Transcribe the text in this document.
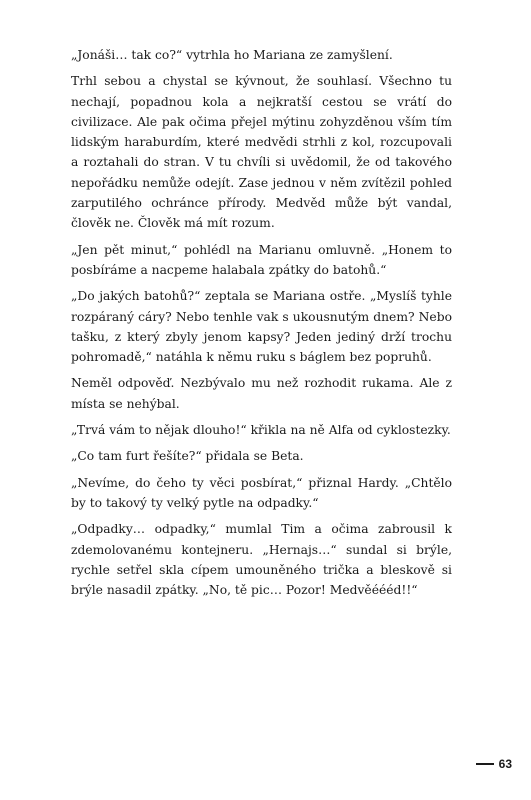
„Jonáši… tak co?“ vytrhla ho Mariana ze zamyšlení.

Trhl sebou a chystal se kývnout, že souhlasí. Všechno tu nechají, popadnou kola a nejkratší cestou se vrátí do civilizace. Ale pak očima přejel mýtinu zohyzděnou vším tím lidským haraburdím, které medvědi strhli z kol, rozcupovali a roztahali do stran. V tu chvíli si uvědomil, že od takového nepořádku nemůže odejít. Zase jednou v něm zvítězil pohled zarputilého ochránce přírody. Medvěd může být vandal, člověk ne. Člověk má mít rozum.

„Jen pět minut,“ pohlédl na Marianu omluvně. „Honem to posbíráme a nacpeme halabala zpátky do batohů.“

„Do jakých batohů?“ zeptala se Mariana ostře. „Myslíš tyhle rozpáraný cáry? Nebo tenhle vak s ukousnutým dnem? Nebo tašku, z který zbyly jenom kapsy? Jeden jediný drží trochu pohromadě,“ natáhla k němu ruku s báglem bez popruhů.

Neměl odpověď. Nezbývalo mu než rozhodit rukama. Ale z místa se nehýbal.

„Trvá vám to nějak dlouho!“ křikla na ně Alfa od cyklostezky.

„Co tam furt řešíte?“ přidala se Beta.

„Nevíme, do čeho ty věci posbírat,“ přiznal Hardy. „Chtělo by to takový ty velký pytle na odpadky.“

„Odpadky… odpadky,“ mumlal Tim a očima zabrousil k zdemolovanému kontejneru. „Hernajs…“ sundal si brýle, rychle setřel skla cípem umouněného trička a bleskově si brýle nasadil zpátky. „No, tě pic… Pozor! Medvěéééd!!“

63
